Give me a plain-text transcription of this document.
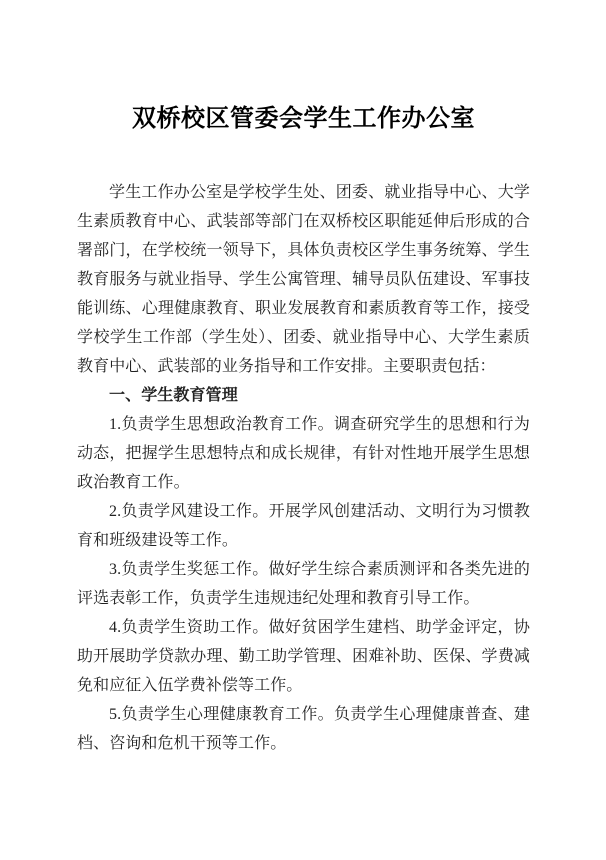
双桥校区管委会学生工作办公室

学生工作办公室是学校学生处、团委、就业指导中心、大学生素质教育中心、武装部等部门在双桥校区职能延伸后形成的合署部门，在学校统一领导下，具体负责校区学生事务统筹、学生教育服务与就业指导、学生公寓管理、辅导员队伍建设、军事技能训练、心理健康教育、职业发展教育和素质教育等工作，接受学校学生工作部（学生处）、团委、就业指导中心、大学生素质教育中心、武装部的业务指导和工作安排。主要职责包括：

一、学生教育管理

1.负责学生思想政治教育工作。调查研究学生的思想和行为动态，把握学生思想特点和成长规律，有针对性地开展学生思想政治教育工作。

2.负责学风建设工作。开展学风创建活动、文明行为习惯教育和班级建设等工作。

3.负责学生奖惩工作。做好学生综合素质测评和各类先进的评选表彰工作，负责学生违规违纪处理和教育引导工作。

4.负责学生资助工作。做好贫困学生建档、助学金评定，协助开展助学贷款办理、勤工助学管理、困难补助、医保、学费减免和应征入伍学费补偿等工作。

5.负责学生心理健康教育工作。负责学生心理健康普查、建档、咨询和危机干预等工作。
